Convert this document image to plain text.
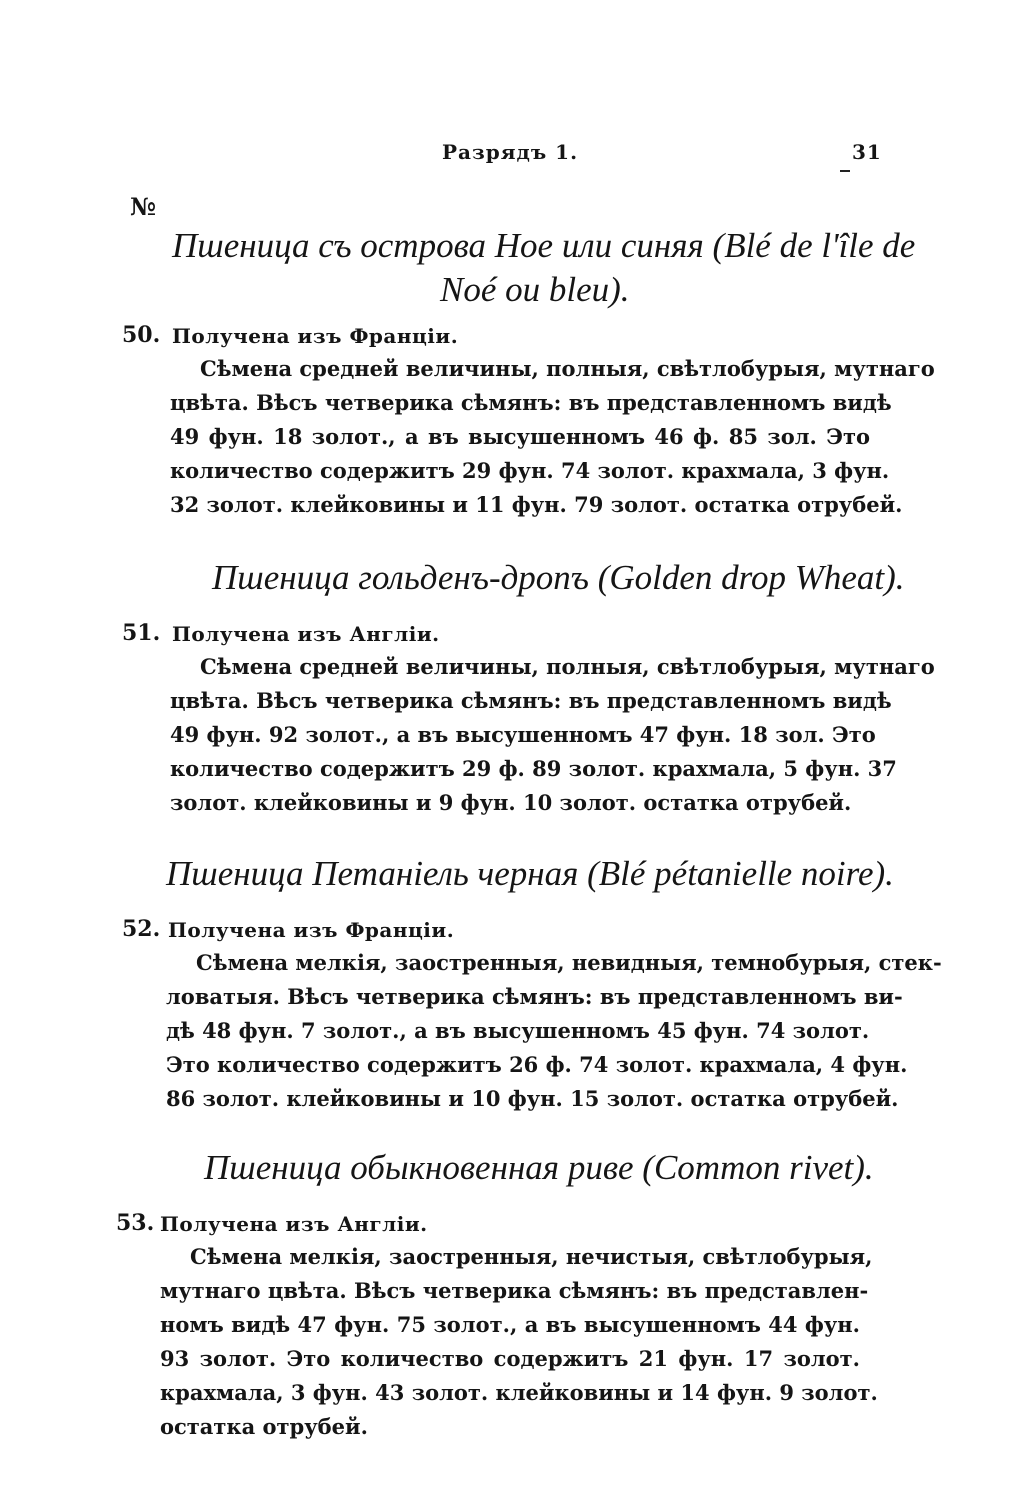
Разрядъ 1.	31
№
Пшеница съ острова Ное или синяя (Blé de l'île de
Noé ou bleu).
50. Получена изъ Франціи.
Сѣмена средней величины, полныя, свѣтлобурыя, мутнаго
цвѣта. Вѣсъ четверика сѣмянъ: въ представленномъ видѣ
49 фун. 18 золот., а въ высушенномъ 46 ф. 85 зол. Это
количество содержитъ 29 фун. 74 золот. крахмала, 3 фун.
32 золот. клейковины и 11 фун. 79 золот. остатка отрубей.
Пшеница гольденъ-дропъ (Golden drop Wheat).
51. Получена изъ Англіи.
Сѣмена средней величины, полныя, свѣтлобурыя, мутнаго
цвѣта. Вѣсъ четверика сѣмянъ: въ представленномъ видѣ
49 фун. 92 золот., а въ высушенномъ 47 фун. 18 зол. Это
количество содержитъ 29 ф. 89 золот. крахмала, 5 фун. 37
золот. клейковины и 9 фун. 10 золот. остатка отрубей.
Пшеница Петаніель черная (Blé pétanielle noire).
52. Получена изъ Франціи.
Сѣмена мелкія, заостренныя, невидныя, темнобурыя, стек-
ловатыя. Вѣсъ четверика сѣмянъ: въ представленномъ ви-
дѣ 48 фун. 7 золот., а въ высушенномъ 45 фун. 74 золот.
Это количество содержитъ 26 ф. 74 золот. крахмала, 4 фун.
86 золот. клейковины и 10 фун. 15 золот. остатка отрубей.
Пшеница обыкновенная риве (Common rivet).
53. Получена изъ Англіи.
Сѣмена мелкія, заостренныя, нечистыя, свѣтлобурыя,
мутнаго цвѣта. Вѣсъ четверика сѣмянъ: въ представлен-
номъ видѣ 47 фун. 75 золот., а въ высушенномъ 44 фун.
93 золот. Это количество содержитъ 21 фун. 17 золот.
крахмала, 3 фун. 43 золот. клейковины и 14 фун. 9 золот.
остатка отрубей.
